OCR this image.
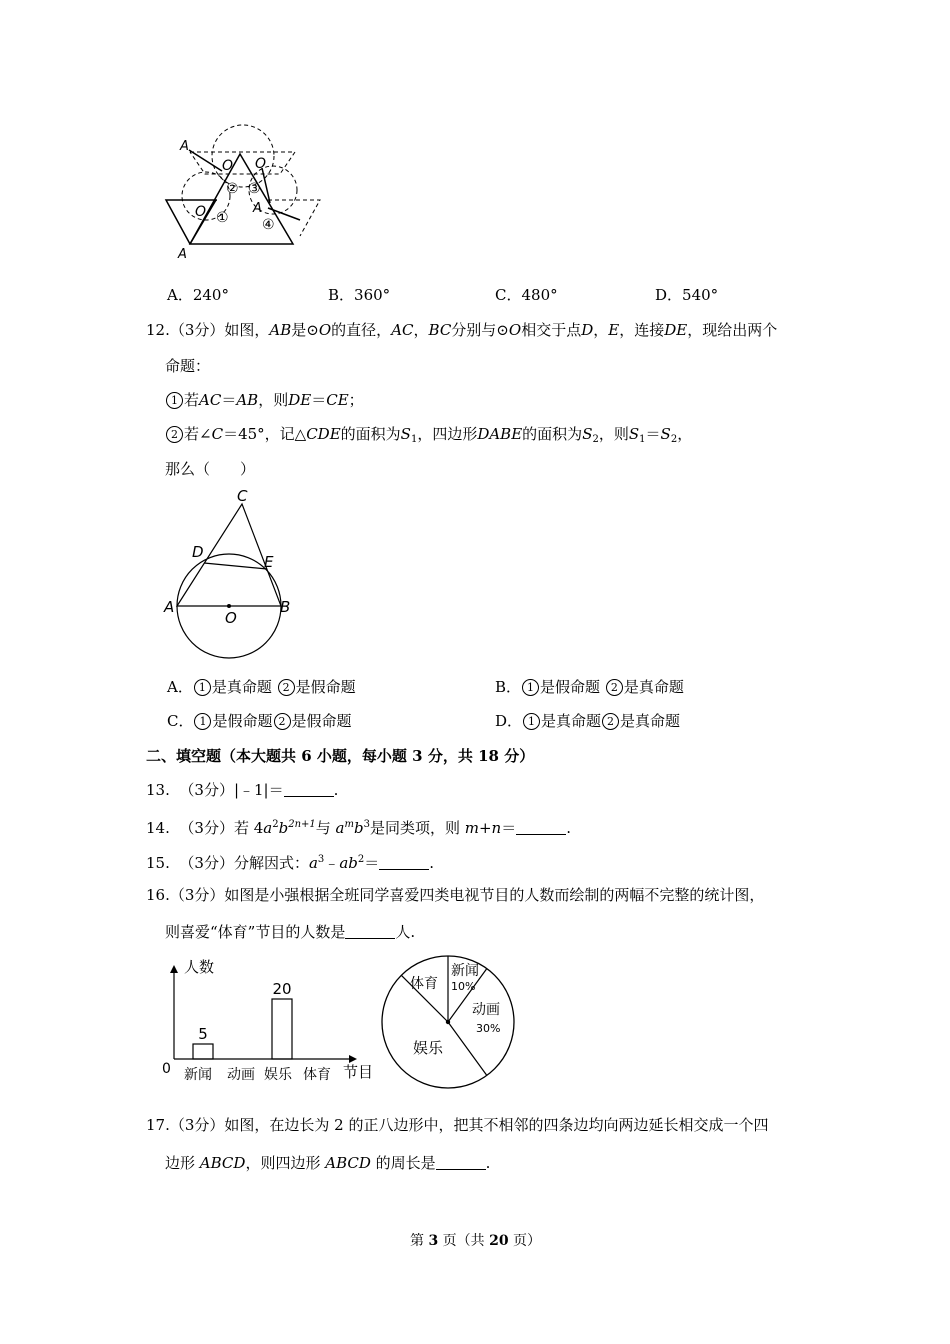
A
O O
O	A
A
② ③
① ④
A．240°	B．360°	C．480°	D．540°
12.（3分）如图，AB是⊙O的直径，AC，BC分别与⊙O相交于点D，E，连接DE，现给出两个
命题：
1 若AC＝AB，则DE＝CE；
2 若∠C＝45°，记△CDE的面积为$S_1$，四边形DABE的面积为$S_2$，则$S_1=S_2$，
那么（　　）
C
D
E
A	B
O
A． 1 是真命题 2 是假命题	B． 1 是假命题 2 是真命题
C． 1 是假命题 2 是假命题	D． 1 是真命题 2 是真命题
二、填空题（本大题共 6 小题，每小题 3 分，共 18 分）
13. （3分）|﹣1|＝	.
14. （3分）若 $4a^2b^{2n+1}$与 $a^mb^3$是同类项，则 m+n＝	.
15. （3分）分解因式：$a^3﹣ab^2=$	.
16.（3分）如图是小强根据全班同学喜爱四类电视节目的人数而绘制的两幅不完整的统计图，
则喜爱“体育”节目的人数是	人.
人数
节目
0
5
20
新闻 动画 娱乐 体育
新闻
10%
动画
30%
娱乐
体育
17.（3分）如图，在边长为 2 的正八边形中，把其不相邻的四条边均向两边延长相交成一个四
边形 ABCD，则四边形 ABCD 的周长是	.
第 3 页（共 20 页）
